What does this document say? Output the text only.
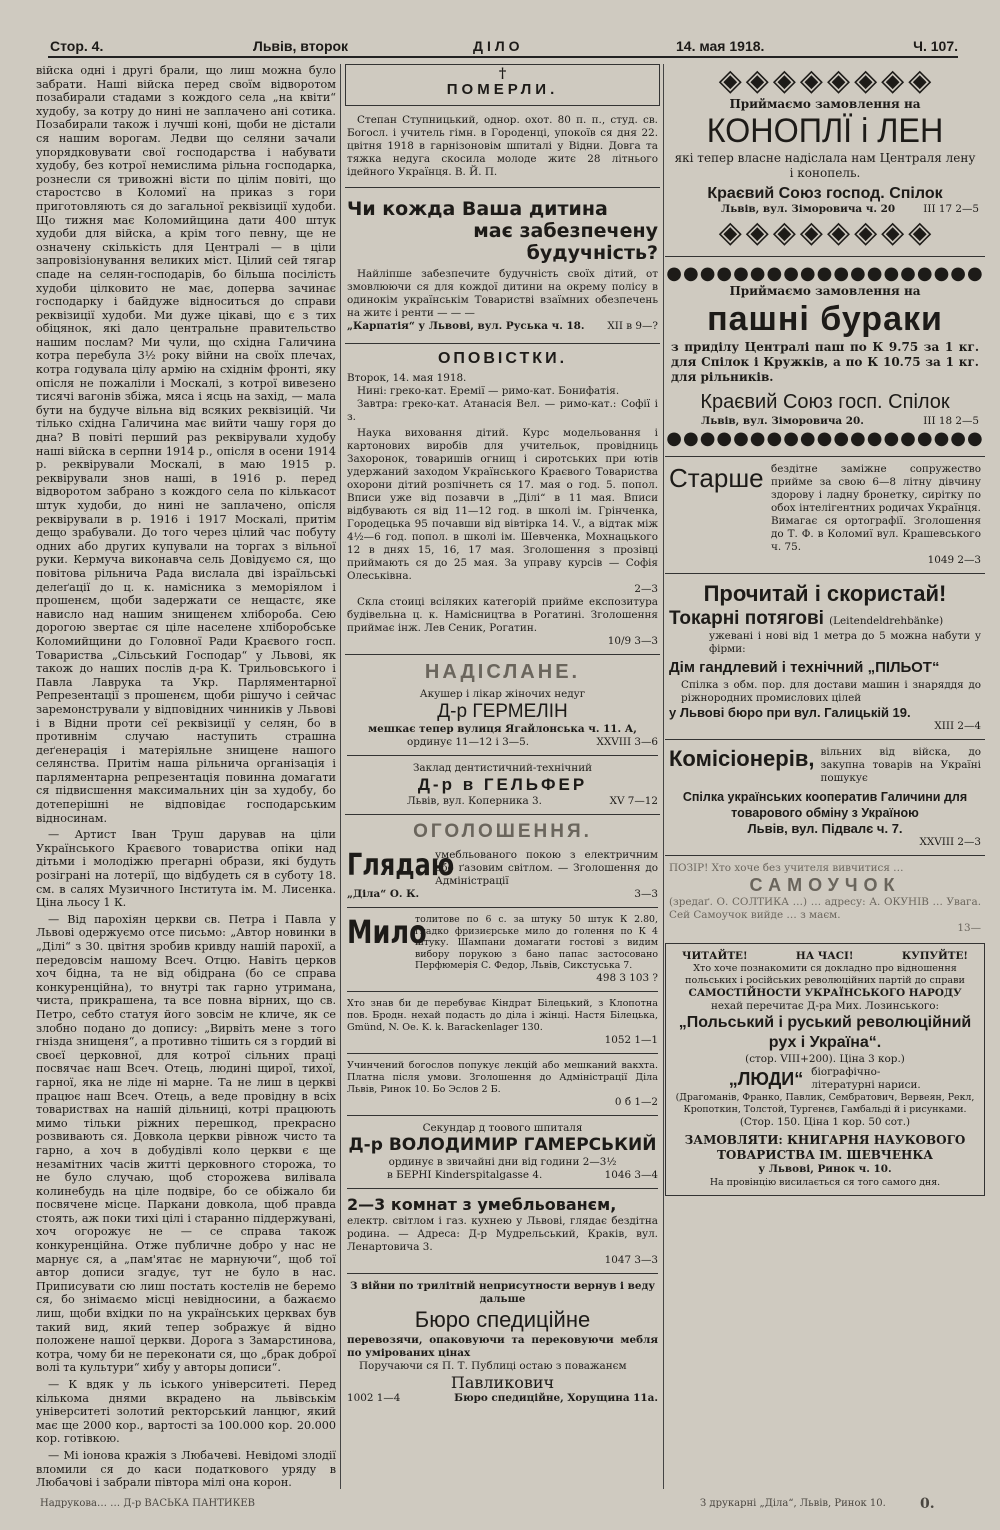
Стор. 4.	Львів, второк	ДІЛО	14. мая 1918.	Ч. 107.

війска одні і другі брали, що лиш можна було забрати. Наші війска перед своїм відворотом позабирали стадами з кождого села „на квіти“ худобу, за котру до нині не заплачено ані сотика. Позабирали також і лучші коні, щоби не дістали ся нашим ворогам. Ледви що селяни зачали упорядковувати свої господарства і набувати худобу, без котрої немислима рільна господарка, рознесли ся тривожні вісти по цілім повіті, що старостсво в Коломиї на приказ з гори приготовляють ся до загальної реквізиції худоби. Що тижня має Коломийщина дати 400 штук худоби для війска, а крім того певну, ще не означену скількість для Централі — в ціли запровізіонування великих міст. Цілий сей тягар спаде на селян-господарів, бо більша посілість худоби цілковито не має, доперва зачинає господарку і байдуже відноситься до справи реквізиції худоби. Ми дуже цікаві, що є з тих обіцянок, які дало центральне правительство нашим послам? Ми чули, що східна Галичина котра перебула 3½ року війни на своїх плечах, котра годувала цілу армію на східнім фронті, яку опісля не пожаліли і Москалі, з котрої вивезено тисячі вагонів збіжа, мяса і ясць на захід, — мала бути на будуче вільна від всяких реквізицій. Чи тілько східна Галичина має вийти чашу горя до дна? В повіті перший раз реквірували худобу наші війска в серпни 1914 р., опісля в осени 1914 р. реквірували Москалі, в маю 1915 р. реквірували знов наші, в 1916 р. перед відворотом забрано з кождого села по кількасот штук худоби, до нині не заплачено, опісля реквірували в р. 1916 і 1917 Москалі, притім дещо зрабували. До того через цілий час побуту одних або других купували на торгах з вільної руки. Кермуча виконавча сель Довідуємо ся, що повітова рільнича Рада вислала дві ізраїльські делеґації до ц. к. намісника з меморіялом і прошенєм, щоби задержати се нещастє, яке нависло над нашим знищенєм хлібороба. Сею дорогою звертає ся ціле населене хліборобське Коломийщини до Головної Ради Краєвого госп. Товариства „Сільський Господар“ у Львові, як також до наших послів д-ра К. Трильовського і Павла Лаврука та Укр. Парляментарної Репрезентації з прошенєм, щоби рішучо і сейчас заремонстрували у відповідних чинників у Львові і в Відни проти сеї реквізиції у селян, бо в противнім случаю наступить страшна деґенерація і матеріяльне знищене нашого селянства. Притім наша рільнича організація і парляментарна репрезентація повинна домагати ся підвисшення максимальних цін за худобу, бо дотеперішні не відповідає господарським відносинам.

— Артист Іван Труш дарував на ціли Українського Краєвого товариства опіки над дітьми і молодіжю прегарні образи, які будуть розіграні на лотерії, що відбудеть ся в суботу 18. см. в салях Музичного Інститута ім. М. Лисенка. Ціна льосу 1 К.

— Від парохіян церкви св. Петра і Павла у Львові одержуємо отсе письмо: „Автор новинки в „Ділі“ з 30. цвітня зробив кривду нашій парохії, а передовсім нашому Всеч. Отцю. Навіть церков хоч бідна, та не від обідрана (бо се справа конкуренційна), то внутрі так гарно утримана, чиста, прикрашена, та все повна вірних, що св. Петро, себто статуя його зовсім не кличе, як се злобно подано до допису: „Вирвіть мене з того гнізда знищеня“, а противно тішить ся з гордий ві своєї церковної, для котрої сільних праці посвячає наш Всеч. Отець, людині щирої, тихої, гарної, яка не ліде ні марне. Та не лиш в церкві працює наш Всеч. Отець, а веде провідну в всіх товариствах на нашій дільниці, котрі працюють мимо тільки ріжних перешкод, прекрасно розвивають ся. Довкола церкви рівнож чисто та гарно, а хоч в добудівлі коло церкви є ще незамітних часів житті церковного сторожа, то не було случаю, щоб сторожева вилівала колинебудь на ціле подвіре, бо се обіжало би посвячене місце. Паркани довкола, щоб правда стоять, аж поки тихі цілі і старанно піддержувані, хоч огорожує не — се справа також конкуренційна. Отже публичне добро у нас не марнує ся, а „пам'ятає не марнуючи“, щоб тої автор дописи згадує, тут не було в нас. Приписувати сю лиш постать костелів не беремо ся, бо знімаємо місці невідносини, а бажаємо лиш, щоби вхідки по на українських церквах був такий вид, який тепер зображує й відно положене нашої церкви. Дорога з Замарстинова, котра, чому би не переконати ся, що „брак доброї волі та культури“ хибу у авторы дописи“.

— К вдяк у ль іського університеті. Перед кількома днями вкрадено на львівськім університеті золотий ректорський ланцюг, який має ще 2000 кор., вартості за 100.000 кор. 20.000 кор. готівкою.

— Мі іонова кражія з Любачеві. Невідомі злодії вломили ся до каси податкового уряду в Любачові і забрали півтора мілі она корон.

†
ПОМЕРЛИ.
Степан Ступницький, одноp. охот. 80 п. п., студ. св. Богосл. і учитель гімн. в Городенці, упокоїв ся дня 22. цвітня 1918 в гарнізоновім шпиталі у Відни. Довга та тяжка недуга скосила молоде житє 28 літнього ідейного Українця. В. Й. П.
Чи кожда Ваша дитина
має забезпечену будучність?
Найліпше забезпечите будучність своїх дітий, от змовлюючи ся для кождої дитини на окрему полісу в одинокім українськім Товаристві взаїмних обезпечень на житє і ренти — — —
„Карпатія“ у Львові, вул. Руська ч. 18. XII в 9—?
ОПОВІСТКИ.
Второк, 14. мая 1918.
Нині: греко-кат. Еремії — римо-кат. Бонифатія.
Завтра: греко-кат. Атанасія Вел. — римо-кат.: Софії і з.
Наука виховання дітий. Курс модельовання і картонових виробів для учительок, провідниць Захоронок, товаришів огнищ і сиротських при ютів удержаний заходом Українського Краєвого Товариства охорони дітий розпічнеть ся 17. мая о год. 5. попол. Вписи уже від позавчи в „Ділі“ в 11 мая. Вписи відбувають ся від 11—12 год. в школі ім. Грінченка, Городецька 95 почавши від вівтірка 14. V., а відтак між 4½—6 год. попол. в школі ім. Шевченка, Мохнацького 12 в днях 15, 16, 17 мая. Зголошення з прозівці приймають ся до 25 мая. За управу курсів — Софія Олеськівна.
2—3
Скла стоиці всіляких категорій прийме експозитура будівельна ц. к. Намісництва в Рогатині. Зголошення приймає інж. Лев Сеник, Рогатин.
10/9 3—3
НАДІСЛАНЕ.
Акушер і лікар жіночих недуг
Д-р ГЕРМЕЛІН
мешкає тепер вулиця Ягайлонська ч. 11. А,
ординує 11—12 і 3—5.	XXVIII 3—6
Заклад дентистичний-технічний
Д-р в ГЕЛЬФЕР
Львів, вул. Коперника 3.	XV 7—12
ОГОЛОШЕННЯ.
Глядаю
умебльованого покою з електричним або ґазовим світлом. — Зголошення до Адміністрації
„Діла“ О. К.	3—3
Мило
толитове по 6 с. за штуку 50 штук К 2.80, гладко фризиєрське мило до голення по К 4 штуку. Шампани домагати гостові з видим вибору порукою з бано папас застосовано Перфюмерія С. Федор, Львів, Сикстуська 7.
498 3 103 ?
Хто знав би де перебуває Кіндрат Білецький, з Клопотна пов. Бродн. нехай подасть до діла і жінці. Настя Білецька, Gmünd, N. Oe. K. k. Barackenlager 130.
1052 1—1
Учинчений богослов попукує лекцій або мешканий вакхта. Платна після умови. Зголошення до Адміністрації Діла Львів, Ринок 10. Бо Эслов 2 Б.
0 б 1—2
Секундар д тоового шпиталя
Д-р ВОЛОДИМИР ГАМЕРСЬКИЙ
ординує в звичайні дни від години 2—3½
в БЕРНІ Kinderspitalgasse 4.	1046 3—4
2—3 комнат з умебльованєм,
електр. світлом і газ. кухнею у Львові, глядає бездітна родина. — Адреса: Д-р Мудрельський, Краків, вул. Ленартовича 3.
1047 3—3
З війни по трилітній неприсутности вернув і веду дальше
Бюро спедиційне
перевозячи, опаковуючи та перековуючи мебля по умірованих цінах
Поручаючи ся П. Т. Публиці остаю з поважанєм
Павликович
1002 1—4	Бюро спедиційне, Хорущина 11а.
◈ ◈ ◈ ◈ ◈ ◈ ◈ ◈
Приймаємо замовлення на
КОНОПЛЇ і ЛЕН
які тепер власне надіслала нам Централя лену і конопель.
Краєвий Союз господ. Спілок
Львів, вул. Зіморовича ч. 20	III 17 2—5
◈ ◈ ◈ ◈ ◈ ◈ ◈ ◈
●●●●●●●●●●●●●●●●●●●
Приймаємо замовлення на
пашні бураки
з приділу Централі паш по К 9.75 за 1 кг. для Спілок і Кружків, а по К 10.75 за 1 кг. для рільників.
Краєвий Союз госп. Спілок
Львів, вул. Зіморовича 20.	III 18 2—5
●●●●●●●●●●●●●●●●●●●
Старше бездітне заміжне сопружество прийме за свою 6—8 літну дівчину здорову і ладну бронетку, сирітку по обох інтелігентних родичах Українця. Вимагає ся ортографії. Зголошення до Т. Ф. в Коломиї вул. Крашевського ч. 75.
1049 2—3
Прочитай і скористай!
Токарні потягові (Leitendeldrehbänke)
ужевані і нові від 1 метра до 5 можна набути у фірми:
Дім гандлевий і технічний „ПІЛЬОТ“
Спілка з обм. пор. для достави машин і знаряддя до ріжнородних промислових цілей
у Львові бюро при вул. Галицькій 19.
XIII 2—4
Комісіонерів, вільних від війска, до закупна товарів на Україні пошукує
Спілка українських кооператив Галичини для товарового обміну з Україною
Львів, вул. Підвалє ч. 7.
XXVIII 2—3
ПОЗІР! Хто хоче без учителя вивчитися …
САМОУЧОК
(зредаґ. О. СОЛТИКА …) … адресу: А. ОКУНІВ … Увага. Сей Самоучок вийде … з маєм.
13—
ЧИТАЙТЕ!	НА ЧАСІ!	КУПУЙТЕ!
Хто хоче познакомити ся докладно про відношення польських і російських революційних партій до справи
САМОСТІЙНОСТИ УКРАЇНСЬКОГО НАРОДУ
нехай перечитає Д-ра Мих. Лозинського:
„Польський і руський революційний рух і Україна“.
(стор. VIII+200). Ціна 3 кор.)
„ЛЮДИ“ біографічно-літературні нариси.
(Драгоманів, Франко, Павлик, Сембратович, Вервеян, Рекл, Кропоткин, Толстой, Тургенєв, Гамбальді й і рисунками.
(Стор. 150. Ціна 1 кор. 50 сот.)
ЗАМОВЛЯТИ: КНИГАРНЯ НАУКОВОГО ТОВАРИСТВА ІМ. ШЕВЧЕНКА
у Львові, Ринок ч. 10.
На провінцію висилається ся того самого дня.
Надрукова… … Д-р ВАСЬКА ПАНТИКЕВ	З друкарні „Діла“, Львів, Ринок 10. 0.
